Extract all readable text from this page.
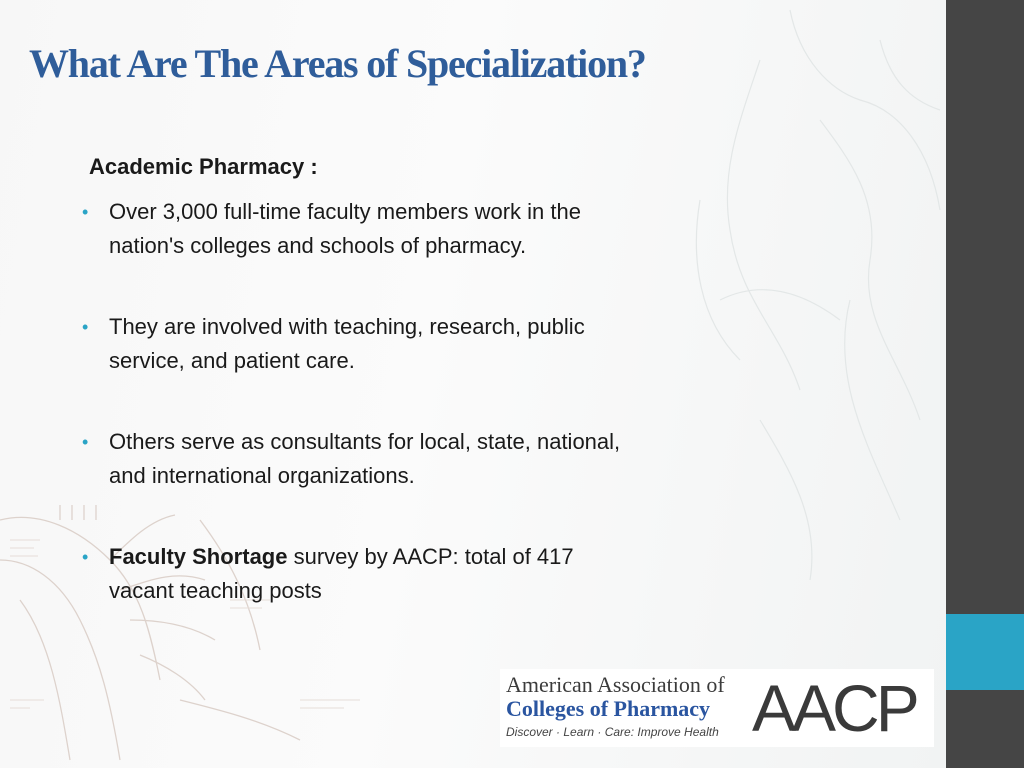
What Are The Areas of Specialization?
Academic Pharmacy :
• Over 3,000 full-time faculty members work in the nation's colleges and schools of pharmacy.
• They are involved with teaching, research, public service, and patient care.
• Others serve as consultants for local, state, national, and international organizations.
• Faculty Shortage survey by AACP: total of 417 vacant teaching posts
American Association of
Colleges of Pharmacy
Discover · Learn · Care: Improve Health AACP
